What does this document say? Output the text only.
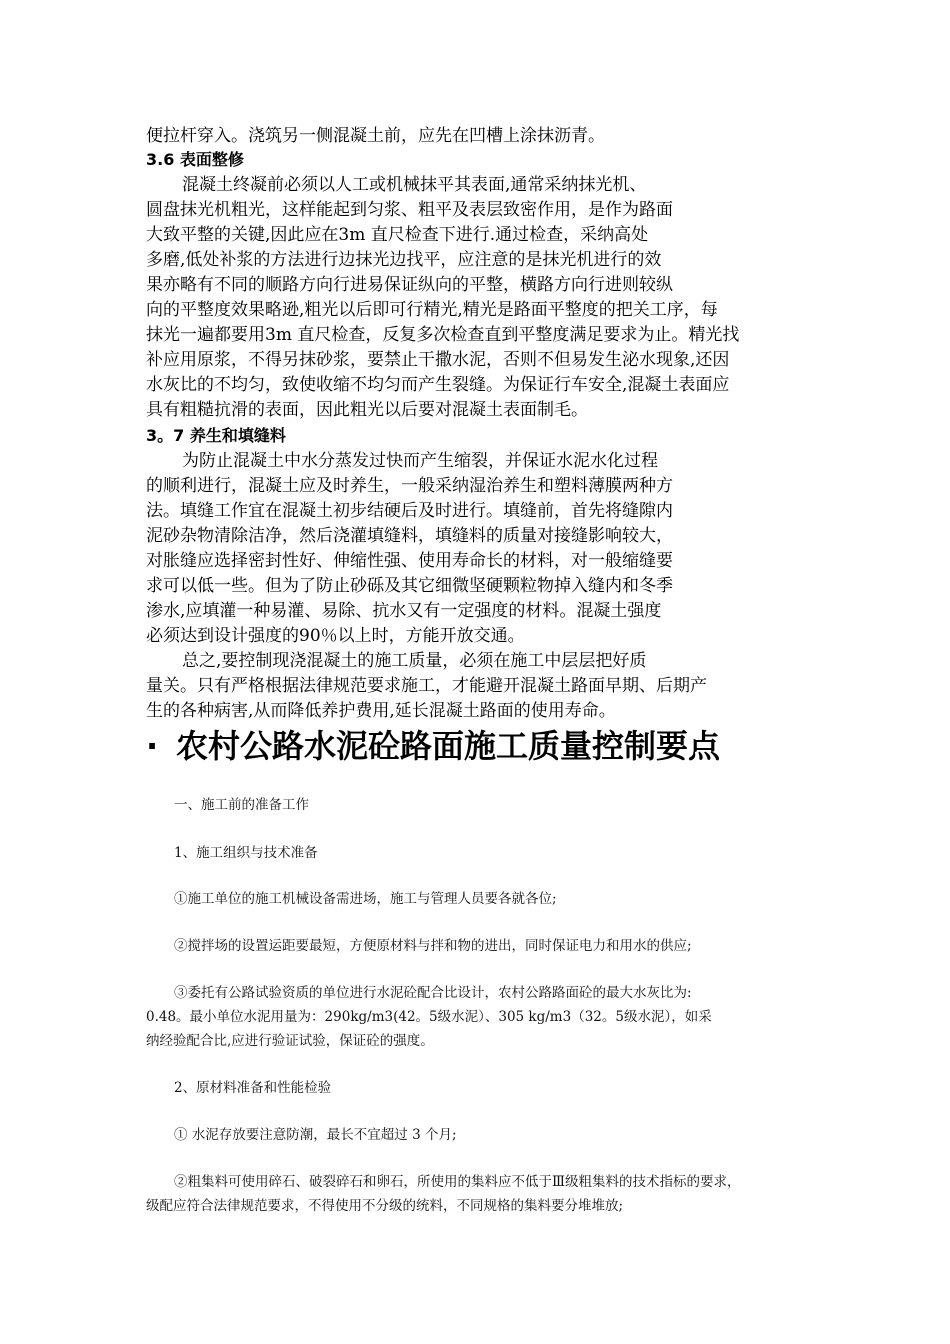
便拉杆穿入。浇筑另一侧混凝土前，应先在凹槽上涂抹沥青。
3.6 表面整修
混凝土终凝前必须以人工或机械抹平其表面,通常采纳抹光机、
圆盘抹光机粗光，这样能起到匀浆、粗平及表层致密作用，是作为路面
大致平整的关键,因此应在3m 直尺检查下进行.通过检查，采纳高处
多磨,低处补浆的方法进行边抹光边找平，应注意的是抹光机进行的效
果亦略有不同的顺路方向行进易保证纵向的平整，横路方向行进则较纵
向的平整度效果略逊,粗光以后即可行精光,精光是路面平整度的把关工序，每
抹光一遍都要用3m 直尺检查，反复多次检查直到平整度满足要求为止。精光找
补应用原浆，不得另抹砂浆，要禁止干撒水泥，否则不但易发生泌水现象,还因
水灰比的不均匀，致使收缩不均匀而产生裂缝。为保证行车安全,混凝土表面应
具有粗糙抗滑的表面，因此粗光以后要对混凝土表面制毛。
3。7 养生和填缝料
为防止混凝土中水分蒸发过快而产生缩裂，并保证水泥水化过程
的顺利进行，混凝土应及时养生，一般采纳湿治养生和塑料薄膜两种方
法。填缝工作宜在混凝土初步结硬后及时进行。填缝前，首先将缝隙内
泥砂杂物清除洁净，然后浇灌填缝料，填缝料的质量对接缝影响较大，
对胀缝应选择密封性好、伸缩性强、使用寿命长的材料，对一般缩缝要
求可以低一些。但为了防止砂砾及其它细微坚硬颗粒物掉入缝内和冬季
渗水,应填灌一种易灌、易除、抗水又有一定强度的材料。混凝土强度
必须达到设计强度的90％以上时，方能开放交通。
总之,要控制现浇混凝土的施工质量，必须在施工中层层把好质
量关。只有严格根据法律规范要求施工，才能避开混凝土路面早期、后期产
生的各种病害,从而降低养护费用,延长混凝土路面的使用寿命。
· 农村公路水泥砼路面施工质量控制要点
一、施工前的准备工作
1、施工组织与技术准备
①施工单位的施工机械设备需进场，施工与管理人员要各就各位;
②搅拌场的设置运距要最短，方便原材料与拌和物的进出，同时保证电力和用水的供应;
③委托有公路试验资质的单位进行水泥砼配合比设计，农村公路路面砼的最大水灰比为:
0.48。最小单位水泥用量为：290kg/m3(42。5级水泥）、305 kg/m3（32。5级水泥），如采
纳经验配合比,应进行验证试验，保证砼的强度。
2、原材料准备和性能检验
① 水泥存放要注意防潮，最长不宜超过 3 个月;
②粗集料可使用碎石、破裂碎石和卵石，所使用的集料应不低于Ⅲ级粗集料的技术指标的要求，
级配应符合法律规范要求，不得使用不分级的统料，不同规格的集料要分堆堆放;
